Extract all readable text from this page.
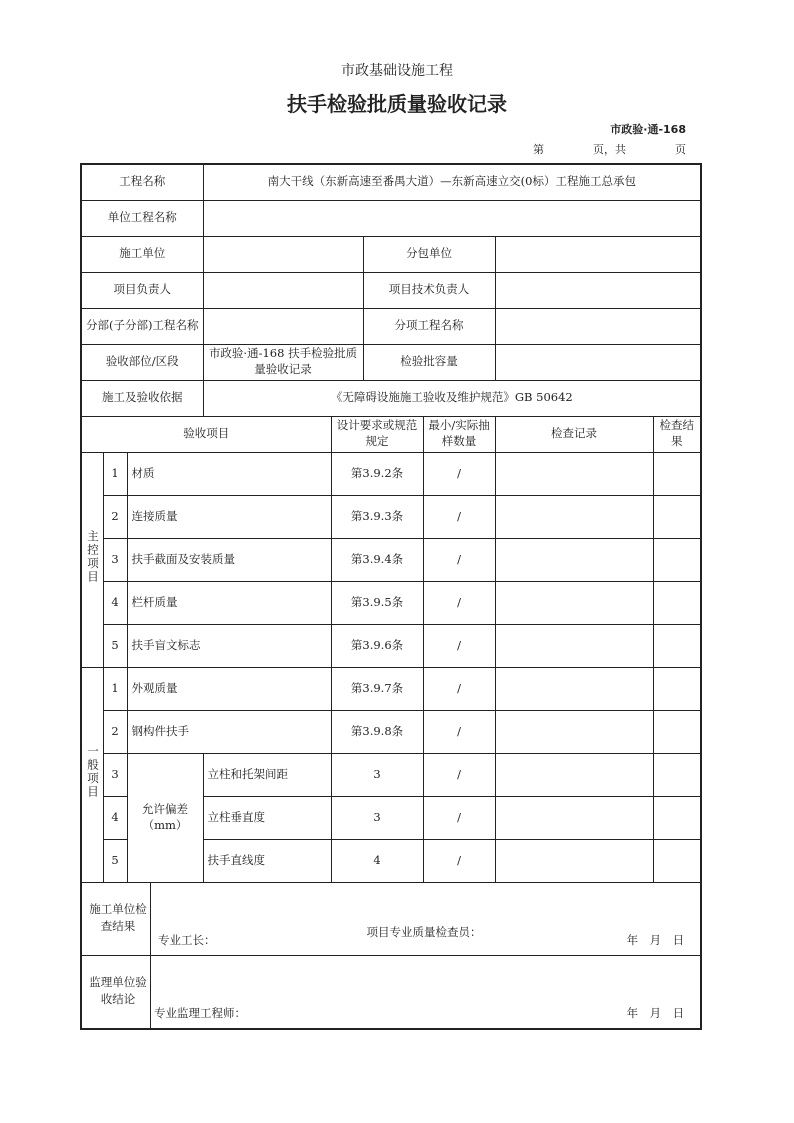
市政基础设施工程
扶手检验批质量验收记录
市政验·通-168
第	页，共	页
工程名称			南大干线（东新高速至番禺大道）—东新高速立交(0标）工程施工总承包					
单位工程名称								
施工单位					分包单位			
项目负责人					项目技术负责人			
分部(子分部)工程名称					分项工程名称			
验收部位/区段			市政验·通-168 扶手检验批质量验收记录		检验批容量			
施工及验收依据			《无障碍设施施工验收及维护规范》GB 50642					
验收项目				设计要求或规范规定		最小/实际抽样数量	检查记录	检查结果
主控项目	1	材质		第3.9.2条		/		
	2	连接质量		第3.9.3条		/		
	3	扶手截面及安装质量		第3.9.4条		/		
	4	栏杆质量		第3.9.5条		/		
	5	扶手盲文标志		第3.9.6条		/		
一般项目	1	外观质量		第3.9.7条		/		
	2	钢构件扶手		第3.9.8条		/		
	3	允许偏差（mm）	立柱和托架间距	3		/		
	4		立柱垂直度	3		/		
	5		扶手直线度	4		/		

施工单位检查结果
专业工长：
项目专业质量检查员：
年　月　日								

监理单位验收结论
专业监理工程师： 年　月　日								
